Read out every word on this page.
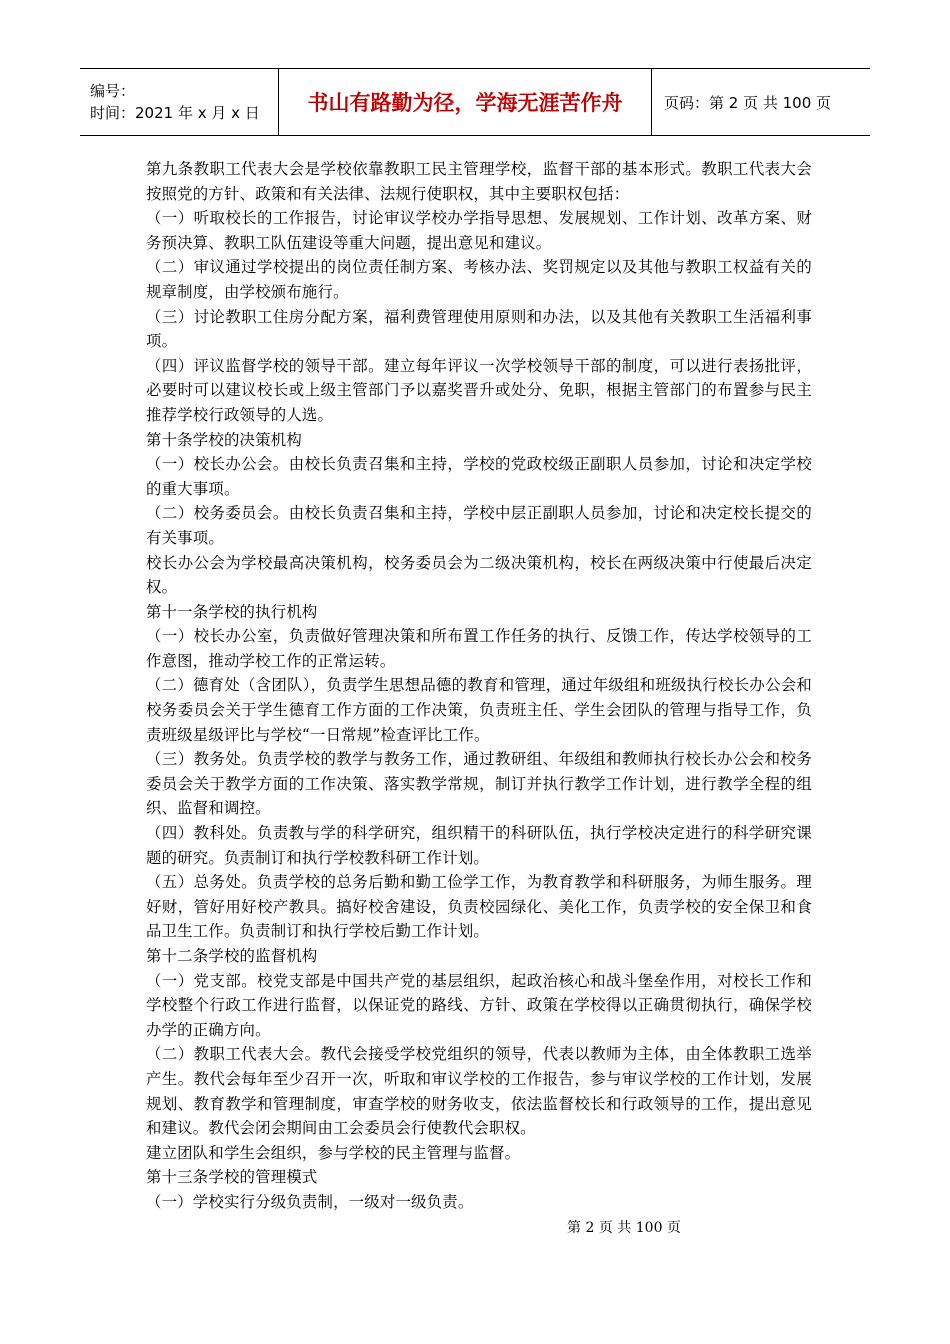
编号：
时间：2021 年 x 月 x 日	书山有路勤为径，学海无涯苦作舟	页码：第 2 页 共 100 页

第九条教职工代表大会是学校依靠教职工民主管理学校，监督干部的基本形式。教职工代表大会按照党的方针、政策和有关法律、法规行使职权，其中主要职权包括：

（一）听取校长的工作报告，讨论审议学校办学指导思想、发展规划、工作计划、改革方案、财务预决算、教职工队伍建设等重大问题，提出意见和建议。

（二）审议通过学校提出的岗位责任制方案、考核办法、奖罚规定以及其他与教职工权益有关的规章制度，由学校颁布施行。

（三）讨论教职工住房分配方案，福利费管理使用原则和办法，以及其他有关教职工生活福利事项。

（四）评议监督学校的领导干部。建立每年评议一次学校领导干部的制度，可以进行表扬批评，必要时可以建议校长或上级主管部门予以嘉奖晋升或处分、免职，根据主管部门的布置参与民主推荐学校行政领导的人选。

第十条学校的决策机构

（一）校长办公会。由校长负责召集和主持，学校的党政校级正副职人员参加，讨论和决定学校的重大事项。

（二）校务委员会。由校长负责召集和主持，学校中层正副职人员参加，讨论和决定校长提交的有关事项。

校长办公会为学校最高决策机构，校务委员会为二级决策机构，校长在两级决策中行使最后决定权。

第十一条学校的执行机构

（一）校长办公室，负责做好管理决策和所布置工作任务的执行、反馈工作，传达学校领导的工作意图，推动学校工作的正常运转。

（二）德育处（含团队），负责学生思想品德的教育和管理，通过年级组和班级执行校长办公会和校务委员会关于学生德育工作方面的工作决策，负责班主任、学生会团队的管理与指导工作，负责班级星级评比与学校“一日常规”检查评比工作。

（三）教务处。负责学校的教学与教务工作，通过教研组、年级组和教师执行校长办公会和校务委员会关于教学方面的工作决策、落实教学常规，制订并执行教学工作计划，进行教学全程的组织、监督和调控。

（四）教科处。负责教与学的科学研究，组织精干的科研队伍，执行学校决定进行的科学研究课题的研究。负责制订和执行学校教科研工作计划。

（五）总务处。负责学校的总务后勤和勤工俭学工作，为教育教学和科研服务，为师生服务。理好财，管好用好校产教具。搞好校舍建设，负责校园绿化、美化工作，负责学校的安全保卫和食品卫生工作。负责制订和执行学校后勤工作计划。

第十二条学校的监督机构

（一）党支部。校党支部是中国共产党的基层组织，起政治核心和战斗堡垒作用，对校长工作和学校整个行政工作进行监督，以保证党的路线、方针、政策在学校得以正确贯彻执行，确保学校办学的正确方向。

（二）教职工代表大会。教代会接受学校党组织的领导，代表以教师为主体，由全体教职工选举产生。教代会每年至少召开一次，听取和审议学校的工作报告，参与审议学校的工作计划，发展规划、教育教学和管理制度，审查学校的财务收支，依法监督校长和行政领导的工作，提出意见和建议。教代会闭会期间由工会委员会行使教代会职权。

建立团队和学生会组织，参与学校的民主管理与监督。

第十三条学校的管理模式

（一）学校实行分级负责制，一级对一级负责。

第 2 页 共 100 页
